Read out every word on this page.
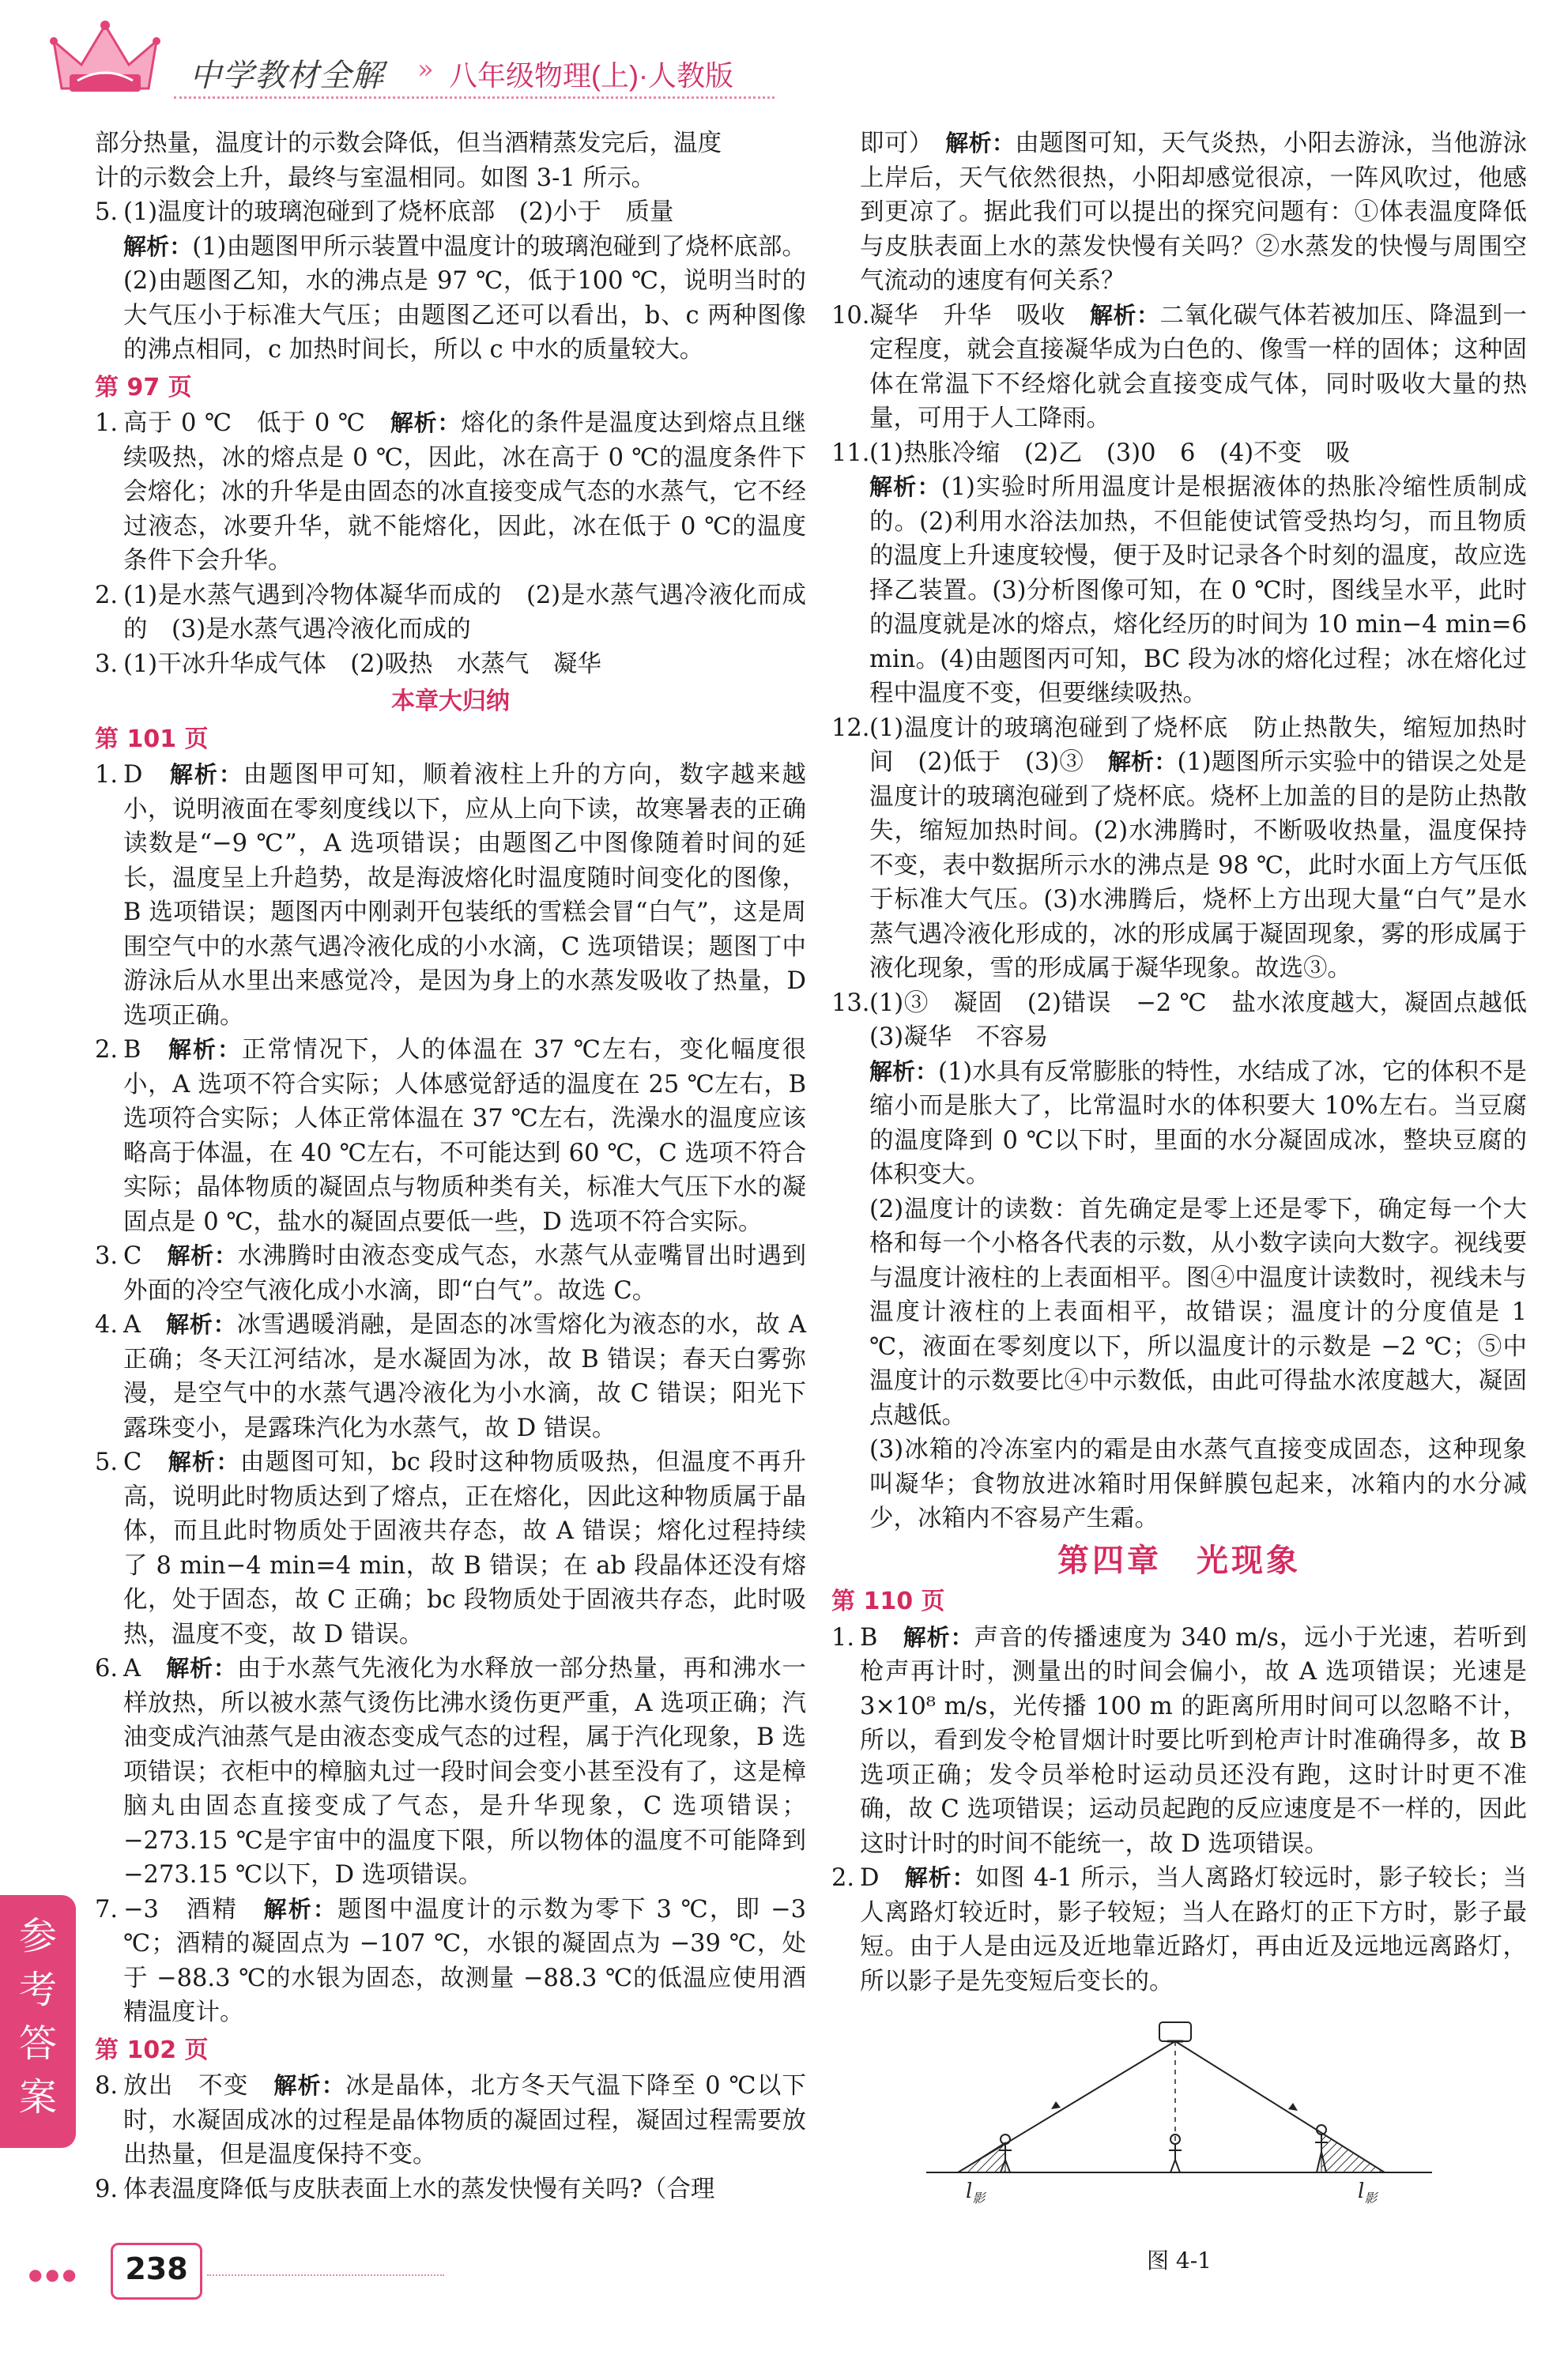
中学教材全解 » 八年级物理(上)·人教版

部分热量，温度计的示数会降低，但当酒精蒸发完后，温度

计的示数会上升，最终与室温相同。如图 3-1 所示。

5. (1)温度计的玻璃泡碰到了烧杯底部　(2)小于　质量

解析：(1)由题图甲所示装置中温度计的玻璃泡碰到了烧杯底部。(2)由题图乙知，水的沸点是 97 ℃，低于100 ℃，说明当时的大气压小于标准大气压；由题图乙还可以看出，b、c 两种图像的沸点相同，c 加热时间长，所以 c 中水的质量较大。

第 97 页
1. 高于 0 ℃　低于 0 ℃　解析：熔化的条件是温度达到熔点且继续吸热，冰的熔点是 0 ℃，因此，冰在高于 0 ℃的温度条件下会熔化；冰的升华是由固态的冰直接变成气态的水蒸气，它不经过液态，冰要升华，就不能熔化，因此，冰在低于 0 ℃的温度条件下会升华。
2. (1)是水蒸气遇到冷物体凝华而成的　(2)是水蒸气遇冷液化而成的　(3)是水蒸气遇冷液化而成的
3. (1)干冰升华成气体　(2)吸热　水蒸气　凝华
本章大归纳
第 101 页
1. D　解析：由题图甲可知，顺着液柱上升的方向，数字越来越小，说明液面在零刻度线以下，应从上向下读，故寒暑表的正确读数是“−9 ℃”，A 选项错误；由题图乙中图像随着时间的延长，温度呈上升趋势，故是海波熔化时温度随时间变化的图像，B 选项错误；题图丙中刚剥开包装纸的雪糕会冒“白气”，这是周围空气中的水蒸气遇冷液化成的小水滴，C 选项错误；题图丁中游泳后从水里出来感觉冷，是因为身上的水蒸发吸收了热量，D 选项正确。
2. B　解析：正常情况下，人的体温在 37 ℃左右，变化幅度很小，A 选项不符合实际；人体感觉舒适的温度在 25 ℃左右，B 选项符合实际；人体正常体温在 37 ℃左右，洗澡水的温度应该略高于体温，在 40 ℃左右，不可能达到 60 ℃，C 选项不符合实际；晶体物质的凝固点与物质种类有关，标准大气压下水的凝固点是 0 ℃，盐水的凝固点要低一些，D 选项不符合实际。
3. C　解析：水沸腾时由液态变成气态，水蒸气从壶嘴冒出时遇到外面的冷空气液化成小水滴，即“白气”。故选 C。
4. A　解析：冰雪遇暖消融，是固态的冰雪熔化为液态的水，故 A 正确；冬天江河结冰，是水凝固为冰，故 B 错误；春天白雾弥漫，是空气中的水蒸气遇冷液化为小水滴，故 C 错误；阳光下露珠变小，是露珠汽化为水蒸气，故 D 错误。
5. C　解析：由题图可知，bc 段时这种物质吸热，但温度不再升高，说明此时物质达到了熔点，正在熔化，因此这种物质属于晶体，而且此时物质处于固液共存态，故 A 错误；熔化过程持续了 8 min−4 min=4 min，故 B 错误；在 ab 段晶体还没有熔化，处于固态，故 C 正确；bc 段物质处于固液共存态，此时吸热，温度不变，故 D 错误。
6. A　解析：由于水蒸气先液化为水释放一部分热量，再和沸水一样放热，所以被水蒸气烫伤比沸水烫伤更严重，A 选项正确；汽油变成汽油蒸气是由液态变成气态的过程，属于汽化现象，B 选项错误；衣柜中的樟脑丸过一段时间会变小甚至没有了，这是樟脑丸由固态直接变成了气态，是升华现象，C 选项错误；−273.15 ℃是宇宙中的温度下限，所以物体的温度不可能降到 −273.15 ℃以下，D 选项错误。
7. −3　酒精　解析：题图中温度计的示数为零下 3 ℃，即 −3 ℃；酒精的凝固点为 −107 ℃，水银的凝固点为 −39 ℃，处于 −88.3 ℃的水银为固态，故测量 −88.3 ℃的低温应使用酒精温度计。
第 102 页
8. 放出　不变　解析：冰是晶体，北方冬天气温下降至 0 ℃以下时，水凝固成冰的过程是晶体物质的凝固过程，凝固过程需要放出热量，但是温度保持不变。
9. 体表温度降低与皮肤表面上水的蒸发快慢有关吗?（合理
即可）　解析：由题图可知，天气炎热，小阳去游泳，当他游泳上岸后，天气依然很热，小阳却感觉很凉，一阵风吹过，他感到更凉了。据此我们可以提出的探究问题有：①体表温度降低与皮肤表面上水的蒸发快慢有关吗？②水蒸发的快慢与周围空气流动的速度有何关系？
10. 凝华　升华　吸收　解析：二氧化碳气体若被加压、降温到一定程度，就会直接凝华成为白色的、像雪一样的固体；这种固体在常温下不经熔化就会直接变成气体，同时吸收大量的热量，可用于人工降雨。
11. (1)热胀冷缩　(2)乙　(3)0　6　(4)不变　吸

解析：(1)实验时所用温度计是根据液体的热胀冷缩性质制成的。(2)利用水浴法加热，不但能使试管受热均匀，而且物质的温度上升速度较慢，便于及时记录各个时刻的温度，故应选择乙装置。(3)分析图像可知，在 0 ℃时，图线呈水平，此时的温度就是冰的熔点，熔化经历的时间为 10 min−4 min=6 min。(4)由题图丙可知，BC 段为冰的熔化过程；冰在熔化过程中温度不变，但要继续吸热。

12. (1)温度计的玻璃泡碰到了烧杯底　防止热散失，缩短加热时间　(2)低于　(3)③　解析：(1)题图所示实验中的错误之处是温度计的玻璃泡碰到了烧杯底。烧杯上加盖的目的是防止热散失，缩短加热时间。(2)水沸腾时，不断吸收热量，温度保持不变，表中数据所示水的沸点是 98 ℃，此时水面上方气压低于标准大气压。(3)水沸腾后，烧杯上方出现大量“白气”是水蒸气遇冷液化形成的，冰的形成属于凝固现象，雾的形成属于液化现象，雪的形成属于凝华现象。故选③。
13. (1)③　凝固　(2)错误　−2 ℃　盐水浓度越大，凝固点越低　(3)凝华　不容易

解析：(1)水具有反常膨胀的特性，水结成了冰，它的体积不是缩小而是胀大了，比常温时水的体积要大 10%左右。当豆腐的温度降到 0 ℃以下时，里面的水分凝固成冰，整块豆腐的体积变大。

(2)温度计的读数：首先确定是零上还是零下，确定每一个大格和每一个小格各代表的示数，从小数字读向大数字。视线要与温度计液柱的上表面相平。图④中温度计读数时，视线未与温度计液柱的上表面相平，故错误；温度计的分度值是 1 ℃，液面在零刻度以下，所以温度计的示数是 −2 ℃；⑤中温度计的示数要比④中示数低，由此可得盐水浓度越大，凝固点越低。

(3)冰箱的冷冻室内的霜是由水蒸气直接变成固态，这种现象叫凝华；食物放进冰箱时用保鲜膜包起来，冰箱内的水分减少，冰箱内不容易产生霜。

第四章　光现象
第 110 页
1. B　解析：声音的传播速度为 340 m/s，远小于光速，若听到枪声再计时，测量出的时间会偏小，故 A 选项错误；光速是 3×10⁸ m/s，光传播 100 m 的距离所用时间可以忽略不计，所以，看到发令枪冒烟计时要比听到枪声计时准确得多，故 B 选项正确；发令员举枪时运动员还没有跑，这时计时更不准确，故 C 选项错误；运动员起跑的反应速度是不一样的，因此这时计时的时间不能统一，故 D 选项错误。
2. D　解析：如图 4-1 所示，当人离路灯较远时，影子较长；当人离路灯较近时，影子较短；当人在路灯的正下方时，影子最短。由于人是由远及近地靠近路灯，再由近及远地远离路灯，所以影子是先变短后变长的。
$l_影$	$l_影$
图 4-1
参考答案
●●●	238
